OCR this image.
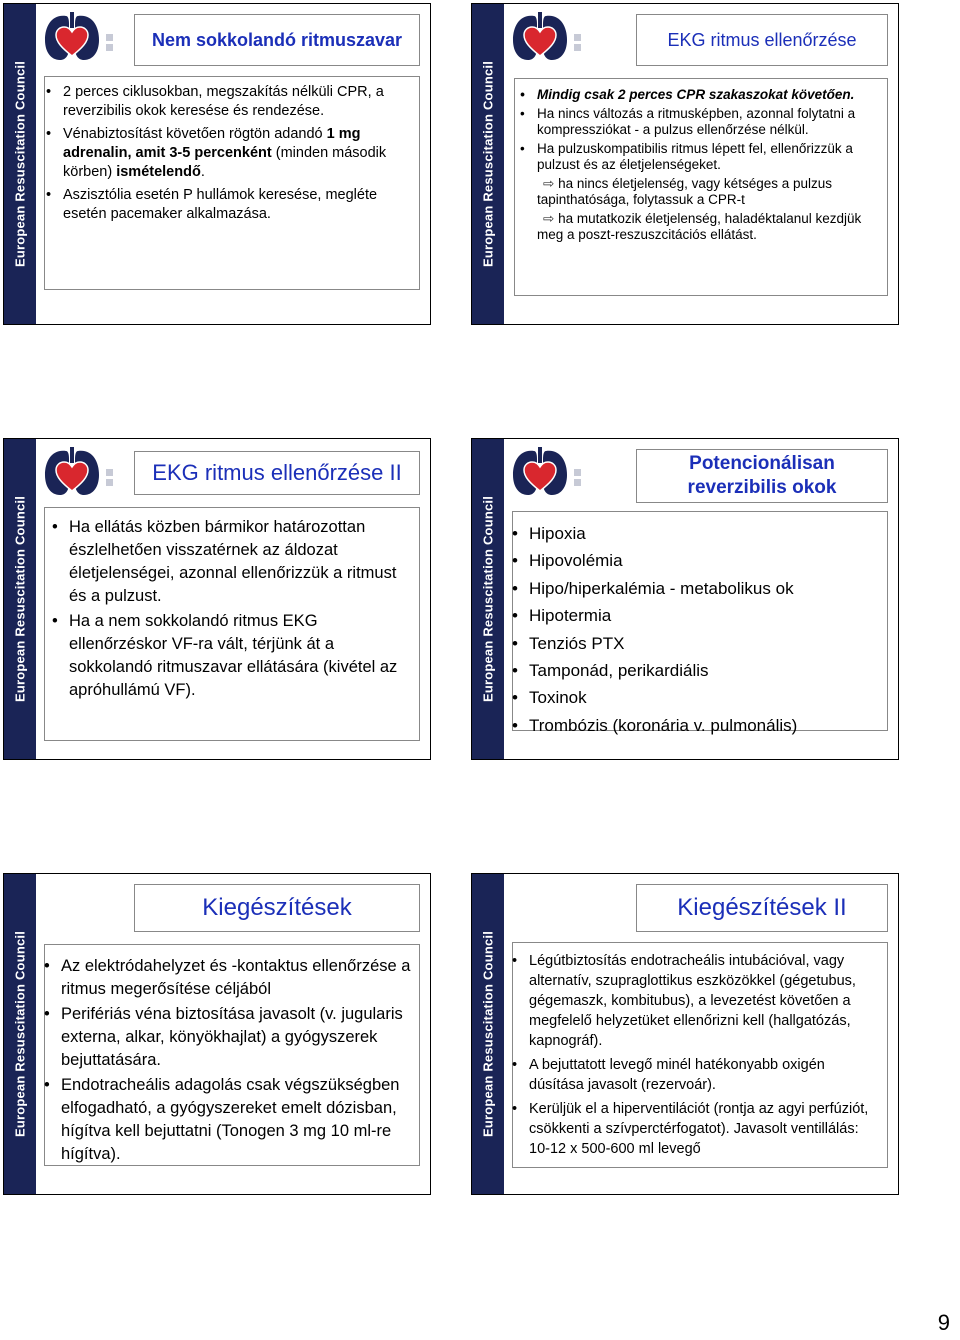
European Resuscitation Council
Nem sokkolandó ritmuszavar
• 2 perces ciklusokban, megszakítás nélküli CPR, a reverzibilis okok keresése és rendezése.
• Vénabiztosítást követően rögtön adandó 1 mg adrenalin, amit 3-5 percenként (minden második körben) ismételendő.
• Aszisztólia esetén P hullámok keresése, megléte esetén pacemaker alkalmazása.	European Resuscitation Council
EKG ritmus ellenőrzése
• Mindig csak 2 perces CPR szakaszokat követően.
• Ha nincs változás a ritmusképben, azonnal folytatni a kompressziókat - a pulzus ellenőrzése nélkül.
• Ha pulzuskompatibilis ritmus lépett fel, ellenőrizzük a pulzust és az életjelenségeket.
⇨ ha nincs életjelenség, vagy kétséges a pulzus tapinthatósága, folytassuk a CPR-t
⇨ ha mutatkozik életjelenség, haladéktalanul kezdjük meg a poszt-reszuszcitációs ellátást.
European Resuscitation Council
EKG ritmus ellenőrzése II
• Ha ellátás közben bármikor határozottan észlelhetően visszatérnek az áldozat életjelenségei, azonnal ellenőrizzük a ritmust és a pulzust.
• Ha a nem sokkolandó ritmus EKG ellenőrzéskor VF-ra vált, térjünk át a sokkolandó ritmuszavar ellátására (kivétel az apróhullámú VF).	European Resuscitation Council
Potencionálisan
reverzibilis okok
• Hipoxia
• Hipovolémia
• Hipo/hiperkalémia - metabolikus ok
• Hipotermia
• Tenziós PTX
• Tamponád, perikardiális
• Toxinok
• Trombózis (koronária v. pulmonális)
European Resuscitation Council
Kiegészítések
• Az elektródahelyzet és -kontaktus ellenőrzése a ritmus megerősítése céljából
• Perifériás véna biztosítása javasolt (v. jugularis externa, alkar, könyökhajlat) a gyógyszerek bejuttatására.
• Endotracheális adagolás csak végszükségben elfogadható, a gyógyszereket emelt dózisban, hígítva kell bejuttatni (Tonogen 3 mg 10 ml-re hígítva).
European Resuscitation Council
Kiegészítések II
• Légútbiztosítás endotracheális intubációval, vagy alternatív, szupraglottikus eszközökkel (gégetubus, gégemaszk, kombitubus), a levezetést követően a megfelelő helyzetüket ellenőrizni kell (hallgatózás, kapnográf).
• A bejuttatott levegő minél hatékonyabb oxigén dúsítása javasolt (rezervoár).
• Kerüljük el a hiperventilációt (rontja az agyi perfúziót, csökkenti a szívperctérfogatot). Javasolt ventillálás: 10-12 x 500-600 ml levegő
9
